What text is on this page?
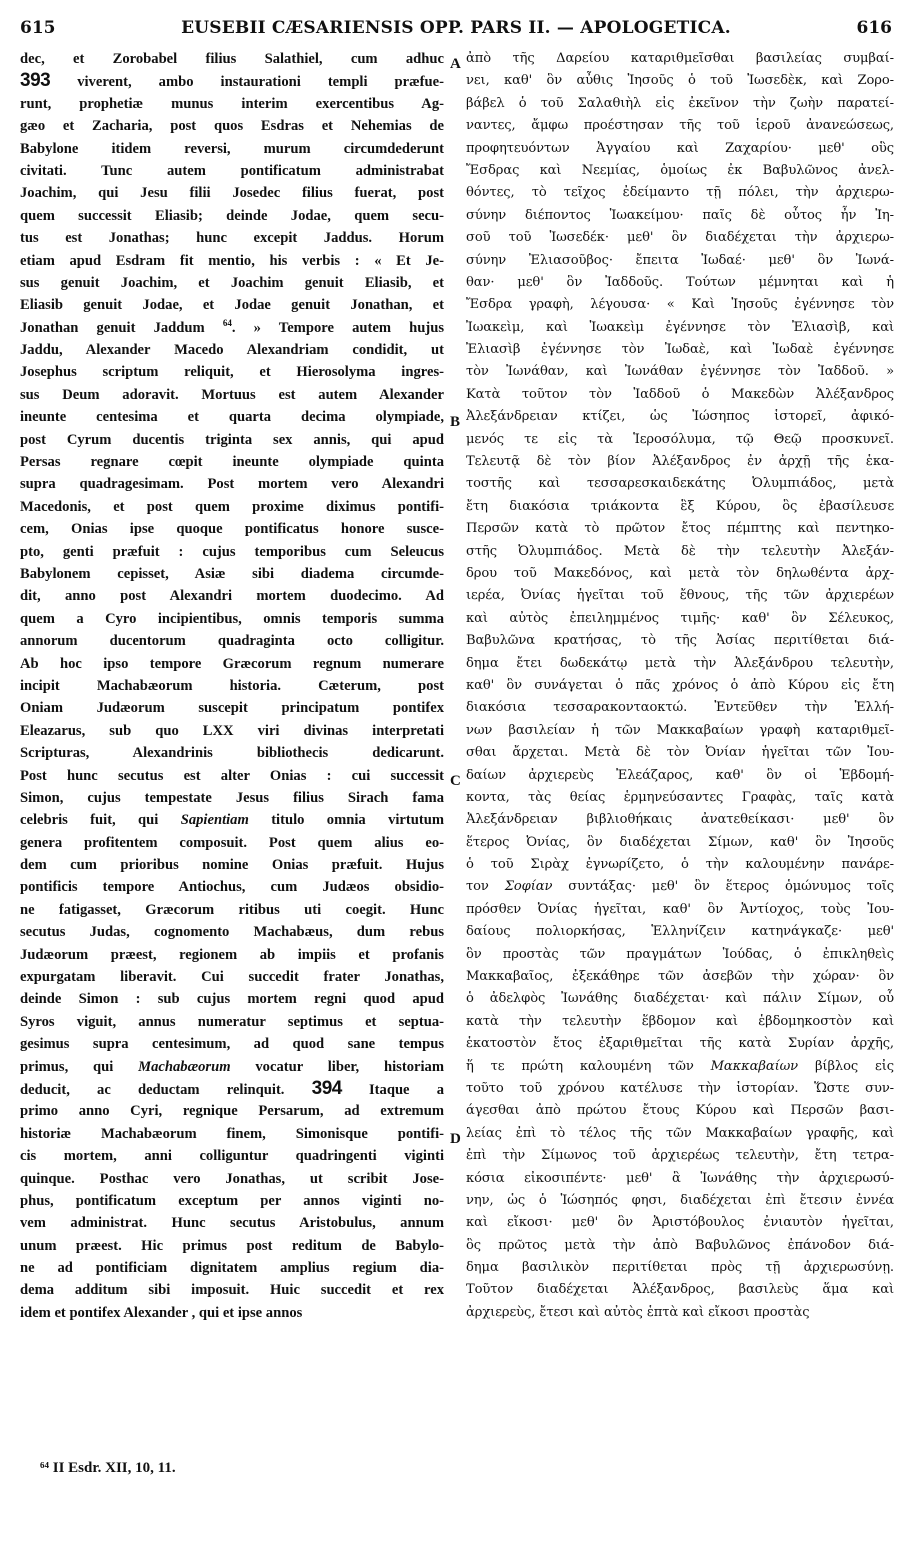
615	EUSEBII CÆSARIENSIS OPP. PARS II. — APOLOGETICA.	616
dec, et Zorobabel filius Salathiel, cum adhuc
393 viverent, ambo instaurationi templi præfue-
runt, prophetiæ munus interim exercentibus Ag-
gæo et Zacharia, post quos Esdras et Nehemias de
Babylone itidem reversi, murum circumdederunt
civitati. Tunc autem pontificatum administrabat
Joachim, qui Jesu filii Josedec filius fuerat, post
quem successit Eliasib; deinde Jodae, quem secu-
tus est Jonathas; hunc excepit Jaddus. Horum
etiam apud Esdram fit mentio, his verbis : « Et Je-
sus genuit Joachim, et Joachim genuit Eliasib, et
Eliasib genuit Jodae, et Jodae genuit Jonathan, et
Jonathan genuit Jaddum $^{64}$. » Tempore autem hujus
Jaddu, Alexander Macedo Alexandriam condidit, ut
Josephus scriptum reliquit, et Hierosolyma ingres-
sus Deum adoravit. Mortuus est autem Alexander
ineunte centesima et quarta decima olympiade,
post Cyrum ducentis triginta sex annis, qui apud
Persas regnare cœpit ineunte olympiade quinta
supra quadragesimam. Post mortem vero Alexandri
Macedonis, et post quem proxime diximus pontifi-
cem, Onias ipse quoque pontificatus honore susce-
pto, genti præfuit : cujus temporibus cum Seleucus
Babylonem cepisset, Asiæ sibi diadema circumde-
dit, anno post Alexandri mortem duodecimo. Ad
quem a Cyro incipientibus, omnis temporis summa
annorum ducentorum quadraginta octo colligitur.
Ab hoc ipso tempore Græcorum regnum numerare
incipit Machabæorum historia. Cæterum, post
Oniam Judæorum suscepit principatum pontifex
Eleazarus, sub quo LXX viri divinas interpretati
Scripturas, Alexandrinis bibliothecis dedicarunt.
Post hunc secutus est alter Onias : cui successit
Simon, cujus tempestate Jesus filius Sirach fama
celebris fuit, qui Sapientiam titulo omnia virtutum
genera profitentem composuit. Post quem alius eo-
dem cum prioribus nomine Onias præfuit. Hujus
pontificis tempore Antiochus, cum Judæos obsidio-
ne fatigasset, Græcorum ritibus uti coegit. Hunc
secutus Judas, cognomento Machabæus, dum rebus
Judæorum præest, regionem ab impiis et profanis
expurgatam liberavit. Cui succedit frater Jonathas,
deinde Simon : sub cujus mortem regni quod apud
Syros viguit, annus numeratur septimus et septua-
gesimus supra centesimum, ad quod sane tempus
primus, qui Machabæorum vocatur liber, historiam
deducit, ac deductam relinquit. 394 Itaque a
primo anno Cyri, regnique Persarum, ad extremum
historiæ Machabæorum finem, Simonisque pontifi-
cis mortem, anni colliguntur quadringenti viginti
quinque. Posthac vero Jonathas, ut scribit Jose-
phus, pontificatum exceptum per annos viginti no-
vem administrat. Hunc secutus Aristobulus, annum
unum præest. Hic primus post reditum de Babylo-
ne ad pontificiam dignitatem amplius regium dia-
dema additum sibi imposuit. Huic succedit et rex
idem et pontifex Alexander , qui et ipse annos
ἀπὸ τῆς Δαρείου καταριθμεῖσθαι βασιλείας συμβαί-
νει, καθ' ὃν αὖθις Ἰησοῦς ὁ τοῦ Ἰωσεδὲκ, καὶ Ζορο-
βάβελ ὁ τοῦ Σαλαθιὴλ εἰς ἐκεῖνον τὴν ζωὴν παρατεί-
ναντες, ἄμφω προέστησαν τῆς τοῦ ἱεροῦ ἀνανεώσεως,
προφητευόντων Ἀγγαίου καὶ Ζαχαρίου· μεθ' οὓς
Ἔσδρας καὶ Νεεμίας, ὁμοίως ἐκ Βαβυλῶνος ἀνελ-
θόντες, τὸ τεῖχος ἐδείμαντο τῇ πόλει, τὴν ἀρχιερω-
σύνην διέποντος Ἰωακείμου· παῖς δὲ οὗτος ἦν Ἰη-
σοῦ τοῦ Ἰωσεδέκ· μεθ' ὃν διαδέχεται τὴν ἀρχιερω-
σύνην Ἐλιασοῦβος· ἔπειτα Ἰωδαέ· μεθ' ὃν Ἰωνά-
θαν· μεθ' ὃν Ἰαδδοῦς. Τούτων μέμνηται καὶ ἡ
Ἔσδρα γραφὴ, λέγουσα· « Καὶ Ἰησοῦς ἐγέννησε τὸν
Ἰωακεὶμ, καὶ Ἰωακεὶμ ἐγέννησε τὸν Ἐλιασὶβ, καὶ
Ἐλιασὶβ ἐγέννησε τὸν Ἰωδαὲ, καὶ Ἰωδαὲ ἐγέννησε
τὸν Ἰωνάθαν, καὶ Ἰωνάθαν ἐγέννησε τὸν Ἰαδδοῦ. »
Κατὰ τοῦτον τὸν Ἰαδδοῦ ὁ Μακεδὼν Ἀλέξανδρος
Ἀλεξάνδρειαν κτίζει, ὡς Ἰώσηπος ἱστορεῖ, ἀφικό-
μενός τε εἰς τὰ Ἱεροσόλυμα, τῷ Θεῷ προσκυνεῖ.
Τελευτᾷ δὲ τὸν βίον Ἀλέξανδρος ἐν ἀρχῇ τῆς ἑκα-
τοστῆς καὶ τεσσαρεσκαιδεκάτης Ὀλυμπιάδος, μετὰ
ἔτη διακόσια τριάκοντα ἓξ Κύρου, ὃς ἐβασίλευσε
Περσῶν κατὰ τὸ πρῶτον ἔτος πέμπτης καὶ πεντηκο-
στῆς Ὀλυμπιάδος. Μετὰ δὲ τὴν τελευτὴν Ἀλεξάν-
δρου τοῦ Μακεδόνος, καὶ μετὰ τὸν δηλωθέντα ἀρχ-
ιερέα, Ὀνίας ἡγεῖται τοῦ ἔθνους, τῆς τῶν ἀρχιερέων
καὶ αὐτὸς ἐπειλημμένος τιμῆς· καθ' ὃν Σέλευκος,
Βαβυλῶνα κρατήσας, τὸ τῆς Ἀσίας περιτίθεται διά-
δημα ἔτει δωδεκάτῳ μετὰ τὴν Ἀλεξάνδρου τελευτὴν,
καθ' ὃν συνάγεται ὁ πᾶς χρόνος ὁ ἀπὸ Κύρου εἰς ἔτη
διακόσια τεσσαρακονταοκτώ. Ἐντεῦθεν τὴν Ἑλλή-
νων βασιλείαν ἡ τῶν Μακκαβαίων γραφὴ καταριθμεῖ-
σθαι ἄρχεται. Μετὰ δὲ τὸν Ὀνίαν ἡγεῖται τῶν Ἰου-
δαίων ἀρχιερεὺς Ἐλεάζαρος, καθ' ὃν οἱ Ἑβδομή-
κοντα, τὰς θείας ἑρμηνεύσαντες Γραφὰς, ταῖς κατὰ
Ἀλεξάνδρειαν βιβλιοθήκαις ἀνατεθείκασι· μεθ' ὃν
ἕτερος Ὀνίας, ὃν διαδέχεται Σίμων, καθ' ὃν Ἰησοῦς
ὁ τοῦ Σιρὰχ ἐγνωρίζετο, ὁ τὴν καλουμένην πανάρε-
τον Σοφίαν συντάξας· μεθ' ὃν ἕτερος ὁμώνυμος τοῖς
πρόσθεν Ὀνίας ἡγεῖται, καθ' ὃν Ἀντίοχος, τοὺς Ἰου-
δαίους πολιορκήσας, Ἑλληνίζειν κατηνάγκαζε· μεθ'
ὃν προστὰς τῶν πραγμάτων Ἰούδας, ὁ ἐπικληθεὶς
Μακκαβαῖος, ἐξεκάθηρε τῶν ἀσεβῶν τὴν χώραν· ὃν
ὁ ἀδελφὸς Ἰωνάθης διαδέχεται· καὶ πάλιν Σίμων, οὗ
κατὰ τὴν τελευτὴν ἕβδομον καὶ ἑβδομηκοστὸν καὶ
ἑκατοστὸν ἔτος ἐξαριθμεῖται τῆς κατὰ Συρίαν ἀρχῆς,
ἥ τε πρώτη καλουμένη τῶν Μακκαβαίων βίβλος εἰς
τοῦτο τοῦ χρόνου κατέλυσε τὴν ἱστορίαν. Ὥστε συν-
άγεσθαι ἀπὸ πρώτου ἔτους Κύρου καὶ Περσῶν βασι-
λείας ἐπὶ τὸ τέλος τῆς τῶν Μακκαβαίων γραφῆς, καὶ
ἐπὶ τὴν Σίμωνος τοῦ ἀρχιερέως τελευτὴν, ἔτη τετρα-
κόσια εἰκοσιπέντε· μεθ' ἃ Ἰωνάθης τὴν ἀρχιερωσύ-
νην, ὡς ὁ Ἰώσηπός φησι, διαδέχεται ἐπὶ ἔτεσιν ἐννέα
καὶ εἴκοσι· μεθ' ὃν Ἀριστόβουλος ἐνιαυτὸν ἡγεῖται,
ὃς πρῶτος μετὰ τὴν ἀπὸ Βαβυλῶνος ἐπάνοδον διά-
δημα βασιλικὸν περιτίθεται πρὸς τῇ ἀρχιερωσύνῃ.
Τοῦτον διαδέχεται Ἀλέξανδρος, βασιλεὺς ἅμα καὶ
ἀρχιερεὺς, ἔτεσι καὶ αὐτὸς ἑπτὰ καὶ εἴκοσι προστὰς
A
B
C
D
⁶⁴ II Esdr. XII, 10, 11.
